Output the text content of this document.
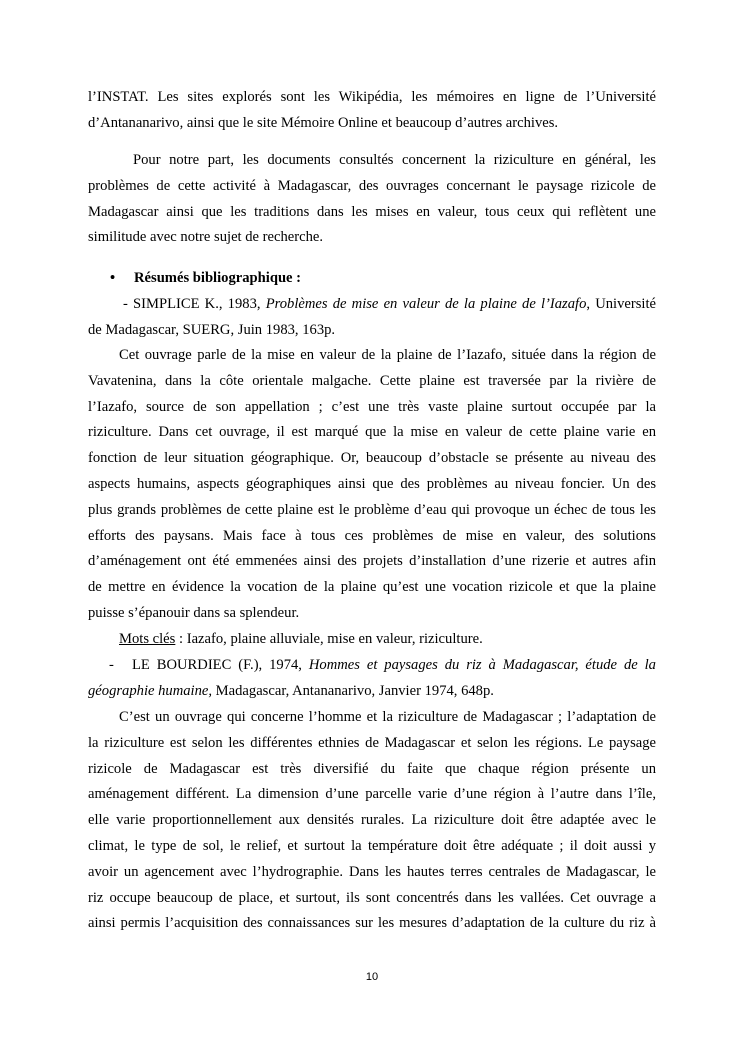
l’INSTAT. Les sites explorés sont les Wikipédia, les mémoires en ligne de l’Université
d’Antananarivo, ainsi que le site Mémoire Online et beaucoup d’autres archives.
Pour notre part, les documents consultés concernent la riziculture en général, les
problèmes de cette activité à Madagascar, des ouvrages concernant le paysage rizicole de
Madagascar ainsi que les traditions dans les mises en valeur, tous ceux qui reflètent une
similitude avec notre sujet de recherche.
• Résumés bibliographique :
- SIMPLICE K., 1983, Problèmes de mise en valeur de la plaine de l’Iazafo, Université
de Madagascar, SUERG, Juin 1983, 163p.
Cet ouvrage parle de la mise en valeur de la plaine de l’Iazafo, située dans la région de
Vavatenina, dans la côte orientale malgache. Cette plaine est traversée par la rivière de
l’Iazafo, source de son appellation ; c’est une très vaste plaine surtout occupée par la
riziculture. Dans cet ouvrage, il est marqué que la mise en valeur de cette plaine varie en
fonction de leur situation géographique. Or, beaucoup d’obstacle se présente au niveau des
aspects humains, aspects géographiques ainsi que des problèmes au niveau foncier. Un des
plus grands problèmes de cette plaine est le problème d’eau qui provoque un échec de tous les
efforts des paysans. Mais face à tous ces problèmes de mise en valeur, des solutions
d’aménagement ont été emmenées ainsi des projets d’installation d’une rizerie et autres afin
de mettre en évidence la vocation de la plaine qu’est une vocation rizicole et que la plaine
puisse s’épanouir dans sa splendeur.
Mots clés : Iazafo, plaine alluviale, mise en valeur, riziculture.
- LE BOURDIEC (F.), 1974, Hommes et paysages du riz à Madagascar, étude de la
géographie humaine, Madagascar, Antananarivo, Janvier 1974, 648p.
C’est un ouvrage qui concerne l’homme et la riziculture de Madagascar ; l’adaptation de
la riziculture est selon les différentes ethnies de Madagascar et selon les régions. Le paysage
rizicole de Madagascar est très diversifié du faite que chaque région présente un
aménagement différent. La dimension d’une parcelle varie d’une région à l’autre dans l’île,
elle varie proportionnellement aux densités rurales. La riziculture doit être adaptée avec le
climat, le type de sol, le relief, et surtout la température doit être adéquate ; il doit aussi y
avoir un agencement avec l’hydrographie. Dans les hautes terres centrales de Madagascar, le
riz occupe beaucoup de place, et surtout, ils sont concentrés dans les vallées. Cet ouvrage a
ainsi permis l’acquisition des connaissances sur les mesures d’adaptation de la culture du riz à
10
